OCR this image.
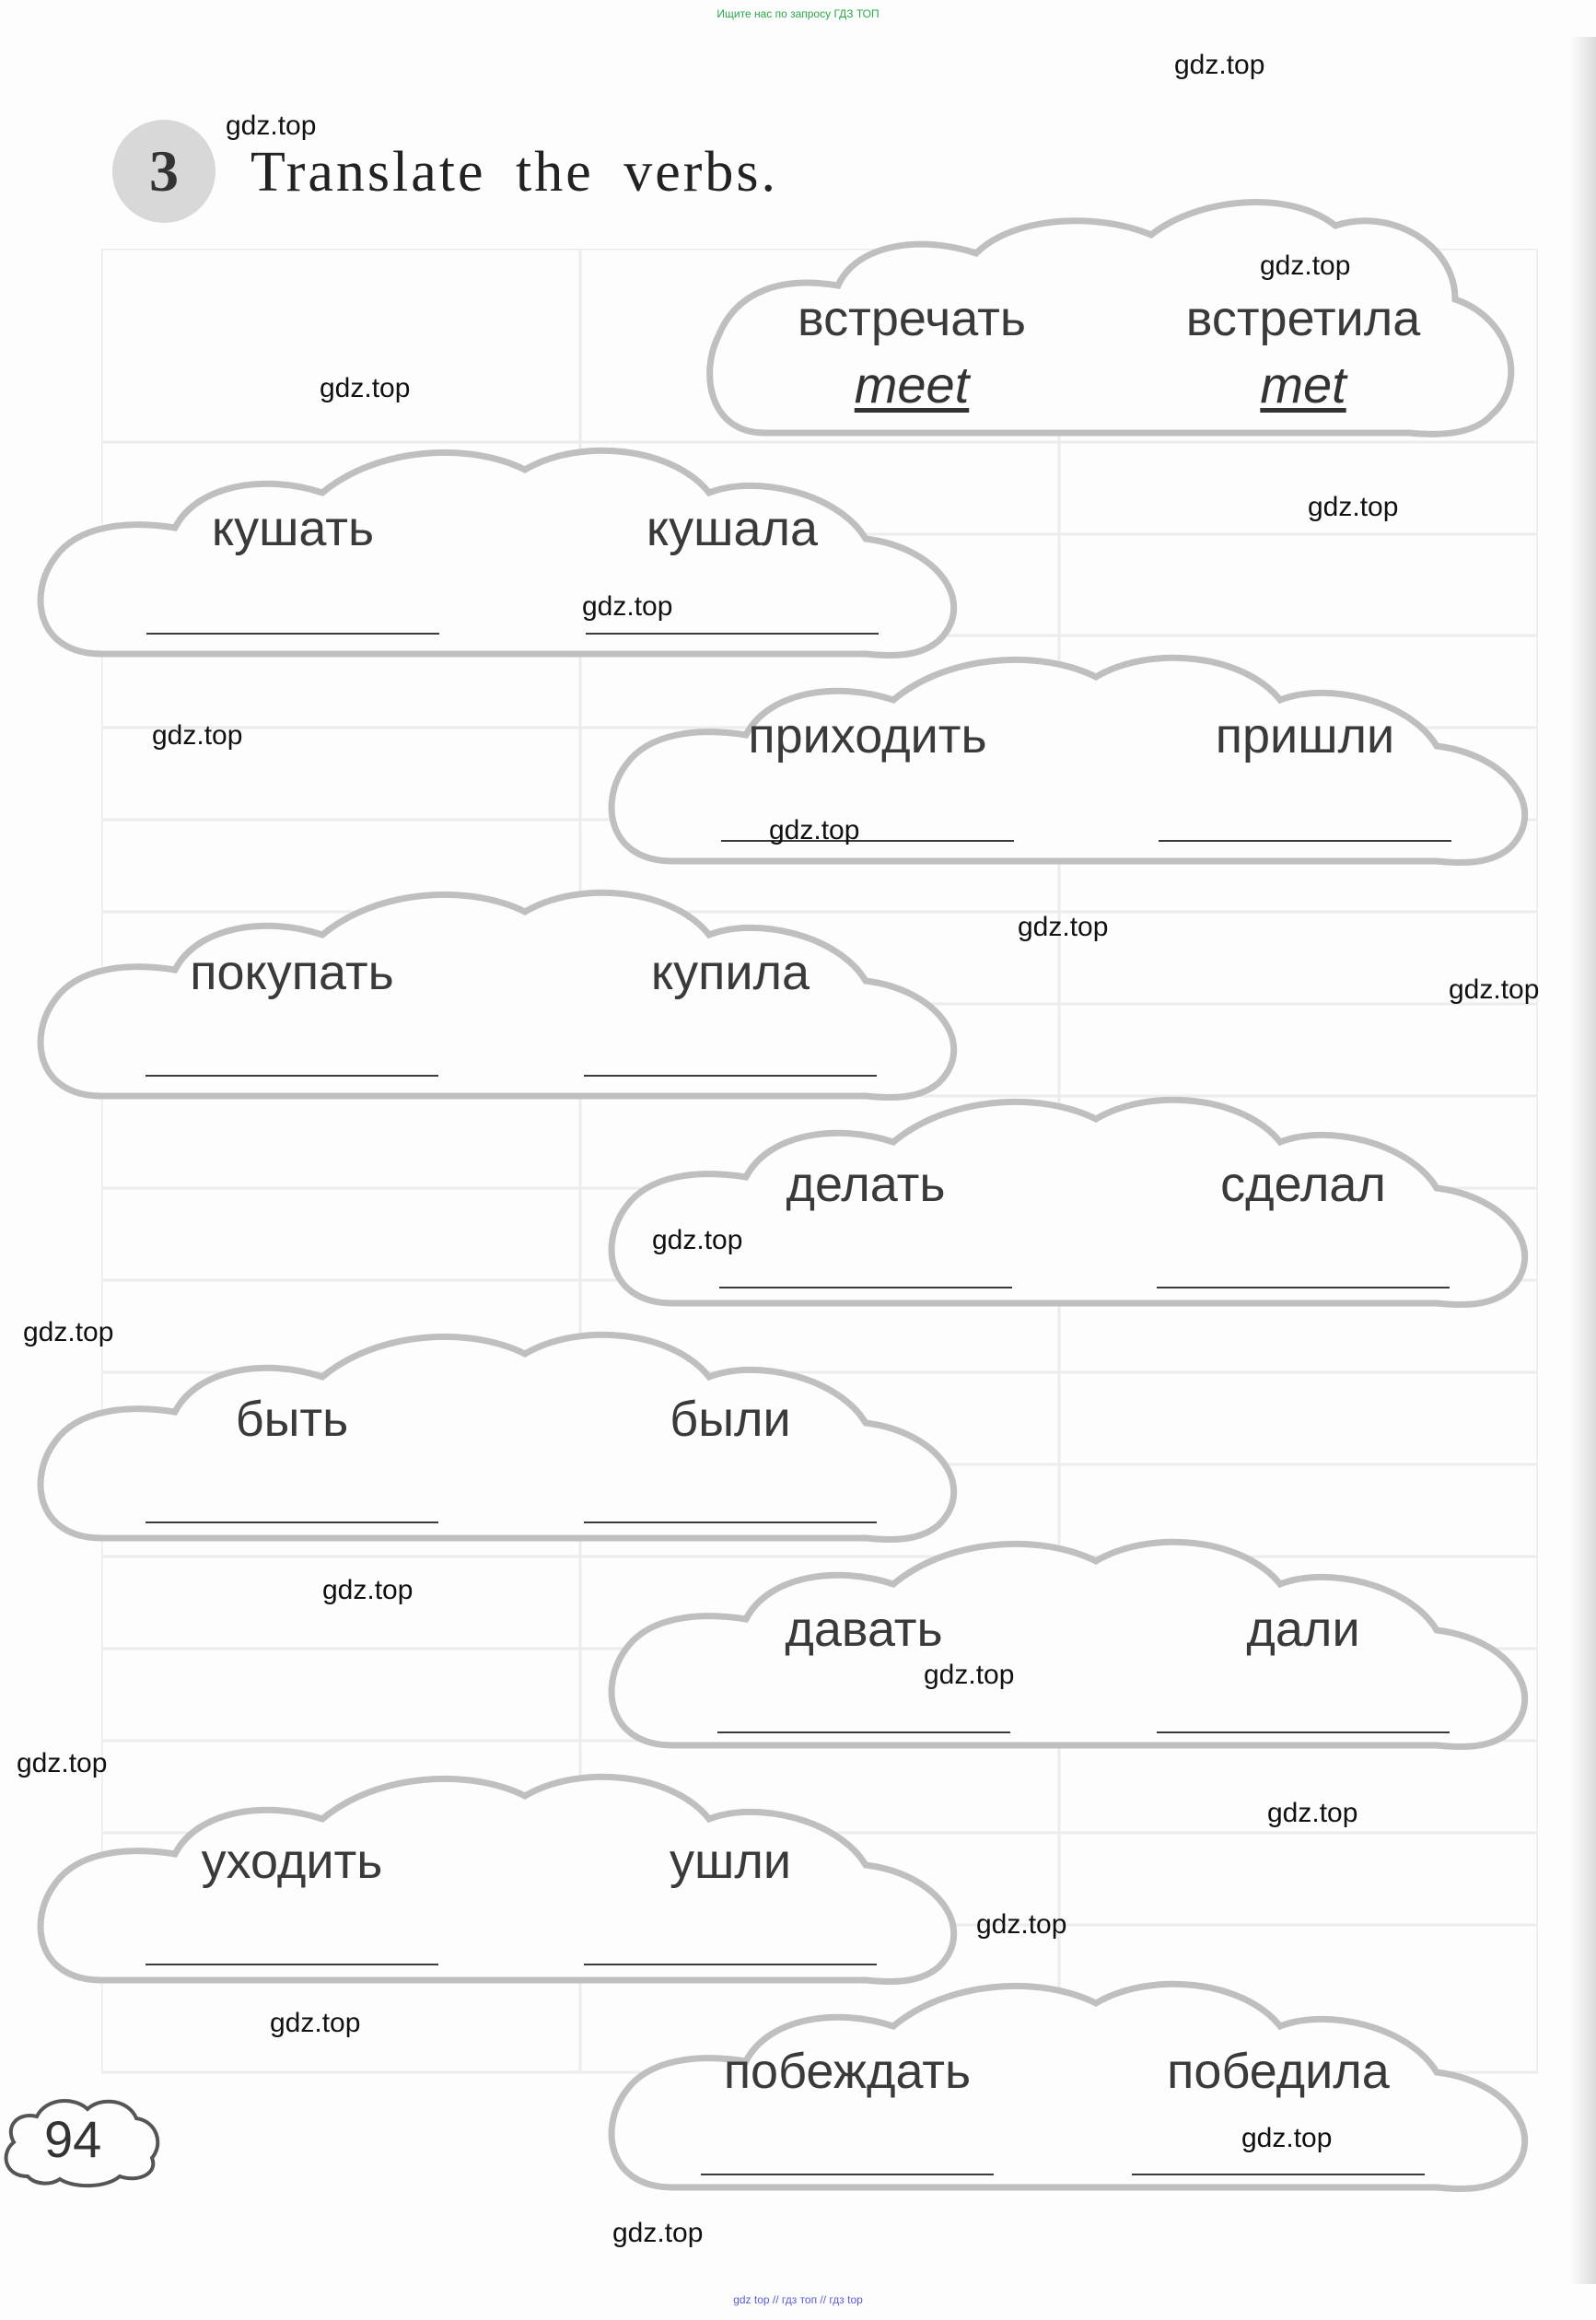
Ищите нас по запросу ГДЗ ТОП
3 Translate the verbs.
встречать	встретила
meet	met
кушать	кушала
приходить	пришли
покупать	купила
делать	сделал
быть	были
давать	дали
уходить	ушли
побеждать	победила
94
gdz.top
gdz.top
gdz.top
gdz.top
gdz.top
gdz.top
gdz.top
gdz.top
gdz.top
gdz.top
gdz.top
gdz.top
gdz.top
gdz.top
gdz.top
gdz.top
gdz.top
gdz.top
gdz.top
gdz.top
gdz top // гдз топ // гдз top
